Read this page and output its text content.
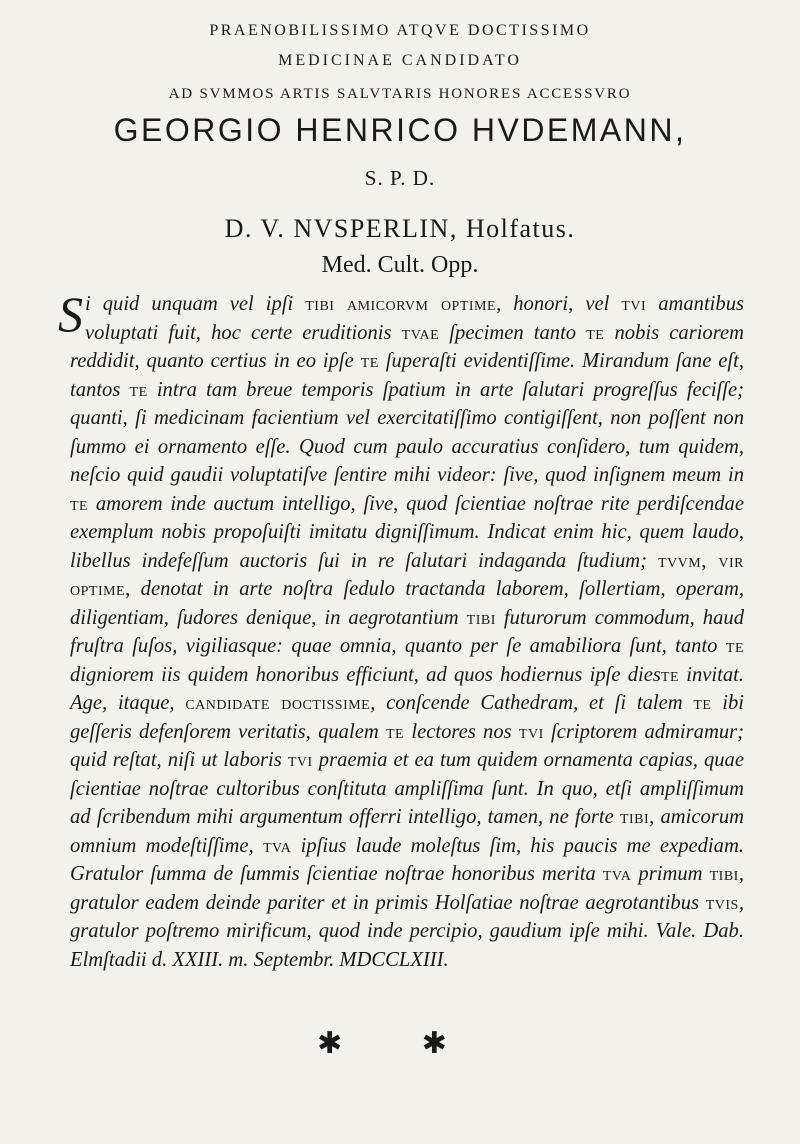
PRAENOBILISSIMO ATQVE DOCTISSIMO
MEDICINAE CANDIDATO
AD SVMMOS ARTIS SALVTARIS HONORES ACCESSVRO
GEORGIO HENRICO HVDEMANN,
S. P. D.
D. V. NVSPERLIN, Holfatus.
Med. Cult. Opp.
S i quid unquam vel ipſi tibi amicorvm optime, honori, vel tvi amantibus voluptati fuit, hoc certe eruditionis tvae ſpecimen tanto te nobis cariorem reddidit, quanto certius in eo ipſe te ſuperaſti evidentiſſime. Mirandum ſane eſt, tantos te intra tam breue temporis ſpatium in arte ſalutari progreſſus feciſſe; quanti, ſi medicinam facientium vel exercitatiſſimo contigiſſent, non poſſent non ſummo ei ornamento eſſe. Quod cum paulo accuratius conſidero, tum quidem, neſcio quid gaudii voluptatiſve ſentire mihi videor: ſive, quod inſignem meum in te amorem inde auctum intelligo, ſive, quod ſcientiae noſtrae rite perdiſcendae exemplum nobis propoſuiſti imitatu digniſſimum. Indicat enim hic, quem laudo, libellus indefeſſum auctoris ſui in re ſalutari indaganda ſtudium; tvvm, vir optime, denotat in arte noſtra ſedulo tractanda laborem, ſollertiam, operam, diligentiam, ſudores denique, in aegrotantium tibi futurorum commodum, haud fruſtra ſuſos, vigiliasque: quae omnia, quanto per ſe amabiliora ſunt, tanto te digniorem iis quidem honoribus efficiunt, ad quos hodiernus ipſe dieste invitat. Age, itaque, candidate doctissime, conſcende Cathedram, et ſi talem te ibi geſſeris defenſorem veritatis, qualem te lectores nos tvi ſcriptorem admiramur; quid reſtat, niſi ut laboris tvi praemia et ea tum quidem ornamenta capias, quae ſcientiae noſtrae cultoribus conſtituta ampliſſima ſunt. In quo, etſi ampliſſimum ad ſcribendum mihi argumentum offerri intelligo, tamen, ne forte tibi, amicorum omnium modeſtiſſime, tva ipſius laude moleſtus ſim, his paucis me expediam. Gratulor ſumma de ſummis ſcientiae noſtrae honoribus merita tva primum tibi, gratulor eadem deinde pariter et in primis Holſatiae noſtrae aegrotantibus tvis, gratulor poſtremo mirificum, quod inde percipio, gaudium ipſe mihi. Vale. Dab. Elmſtadii d. XXIII. m. Septembr. MDCCLXIII.
✱ ✱
